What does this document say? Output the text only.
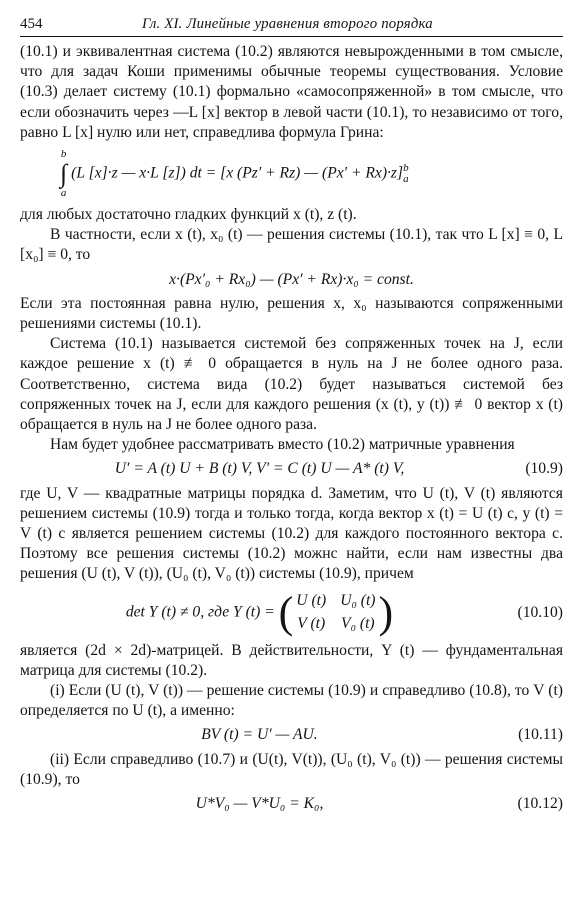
454	Гл. XI. Линейные уравнения второго порядка

(10.1) и эквивалентная система (10.2) являются невырожденными в том смысле, что для задач Коши применимы обычные теоремы существования. Условие (10.3) делает систему (10.1) формально «самосопряженной» в том смысле, что если обозначить через —L [x] вектор в левой части (10.1), то независимо от того, равно L [x] нулю или нет, справедлива формула Грина:

b
∫
a
(L [x]·z — x·L [z]) dt = [x (Pz′ + Rz) — (Px′ + Rx)·z] b
a

для любых достаточно гладких функций x (t), z (t).

В частности, если x (t), x₀ (t) — решения системы (10.1), так что L [x] ≡ 0, L [x₀] ≡ 0, то

x·(Px′₀ + Rx₀) — (Px′ + Rx)·x₀ = const.

Если эта постоянная равна нулю, решения x, x₀ называются сопряженными решениями системы (10.1).

Система (10.1) называется системой без сопряженных точек на J, если каждое решение x (t) ≢ 0 обращается в нуль на J не более одного раза. Соответственно, система вида (10.2) будет называться системой без сопряженных точек на J, если для каждого решения (x (t), y (t)) ≢ 0 вектор x (t) обращается в нуль на J не более одного раза.

Нам будет удобнее рассматривать вместо (10.2) матричные уравнения

U′ = A (t) U + B (t) V, V′ = C (t) U — A* (t) V,	(10.9)

где U, V — квадратные матрицы порядка d. Заметим, что U (t), V (t) являются решением системы (10.9) тогда и только тогда, когда вектор x (t) = U (t) c, y (t) = V (t) c является решением системы (10.2) для каждого постоянного вектора c. Поэтому все решения системы (10.2) можнс найти, если нам известны два решения (U (t), V (t)), (U₀ (t), V₀ (t)) системы (10.9), причем

det Y (t) ≠ 0, где Y (t) = ( U (t) U₀ (t)
V (t) V₀ (t) )	(10.10)

является (2d × 2d)-матрицей. В действительности, Y (t) — фундаментальная матрица для системы (10.2).

(i) Если (U (t), V (t)) — решение системы (10.9) и справедливо (10.8), то V (t) определяется по U (t), а именно:

BV (t) = U′ — AU.	(10.11)

(ii) Если справедливо (10.7) и (U(t), V(t)), (U₀ (t), V₀ (t)) — решения системы (10.9), то

U*V₀ — V*U₀ = K₀,	(10.12)
